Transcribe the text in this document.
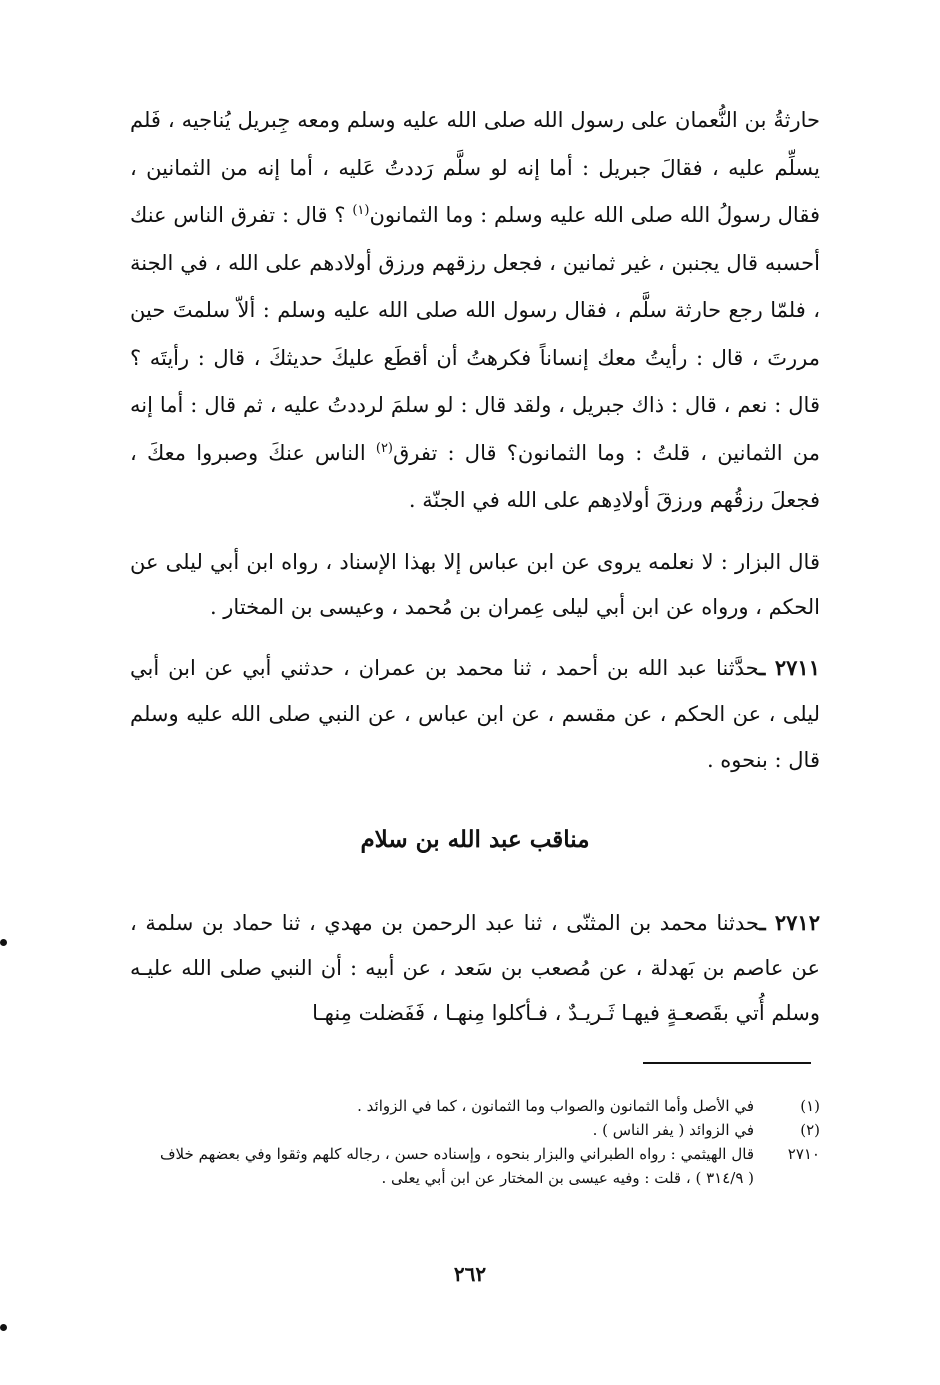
حارثةُ بن النُّعمان على رسول الله صلى الله عليه وسلم ومعه جِبريل يُناجيه ، فَلم يسلِّم عليه ، فقالَ جبريل : أما إنه لو سلَّم رَددتُ عَليه ، أما إنه من الثمانين ، فقال رسولُ الله صلى الله عليه وسلم : وما الثمانون$^{(١)}$ ؟ قال : تفرق الناس عنك أحسبه قال يجنبن ، غير ثمانين ، فجعل رزقهم ورزق أولادهم على الله ، في الجنة ، فلمّا رجع حارثة سلَّم ، فقال رسول الله صلى الله عليه وسلم : ألاّ سلمتَ حين مررتَ ، قال : رأيتُ معك إنساناً فكرهتُ أن أقطَع عليكَ حديثكَ ، قال : رأيتَه ؟ قال : نعم ، قال : ذاك جبريل ، ولقد قال : لو سلمَ لرددتُ عليه ، ثم قال : أما إنه من الثمانين ، قلتُ : وما الثمانون؟ قال : تفرق$^{(٢)}$ الناس عنكَ وصبروا معكَ ، فجعلَ رزقُهم ورزقَ أولادِهم على الله في الجنّة .

قال البزار : لا نعلمه يروى عن ابن عباس إلا بهذا الإسناد ، رواه ابن أبي ليلى عن الحكم ، ورواه عن ابن أبي ليلى عِمران بن مُحمد ، وعيسى بن المختار .

٢٧١١ ـحدَّثنا عبد الله بن أحمد ، ثنا محمد بن عمران ، حدثني أبي عن ابن أبي ليلى ، عن الحكم ، عن مقسم ، عن ابن عباس ، عن النبي صلى الله عليه وسلم قال : بنحوه .

مناقب عبد الله بن سلام

٢٧١٢ ـحدثنا محمد بن المثنّى ، ثنا عبد الرحمن بن مهدي ، ثنا حماد بن سلمة ، عن عاصم بن بَهدلة ، عن مُصعب بن سَعد ، عن أبيه : أن النبي صلى الله عليـه وسلم أُتي بقَصعـةٍ فيهـا ثَـريـدٌ ، فـأكلوا مِنهـا ، فَفَضلت مِنهـا

(١)
في الأصل وأما الثمانون والصواب وما الثمانون ، كما في الزوائد .
(٢)
في الزوائد ( يفر الناس ) .
٢٧١٠
قال الهيثمي : رواه الطبراني والبزار بنحوه ، وإسناده حسن ، رجاله كلهم وثقوا وفي بعضهم خلاف ( ٣١٤/٩ ) ، قلت : وفيه عيسى بن المختار عن ابن أبي يعلى .
٢٦٢
